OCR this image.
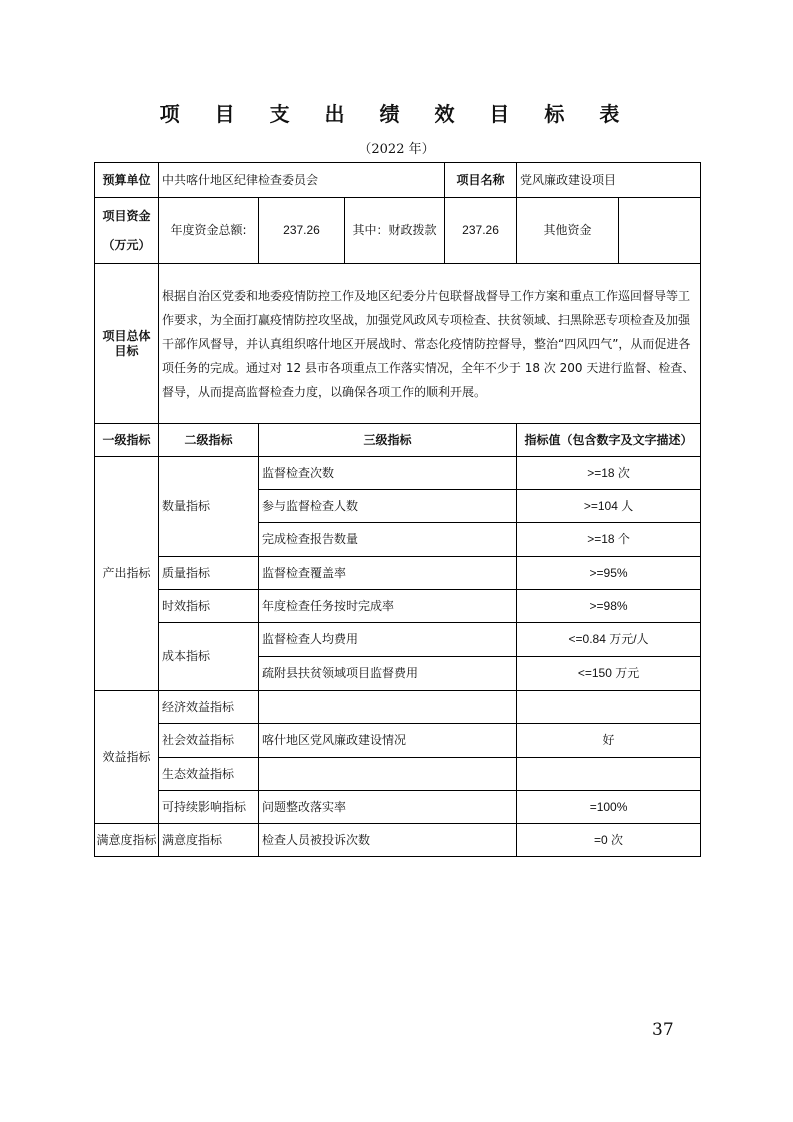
项 目 支 出 绩 效 目 标 表
（2022 年）
预算单位	中共喀什地区纪律检查委员会			项目名称	党风廉政建设项目	

项目资金
（万元）	年度资金总额:	237.26	其中：财政拨款	237.26	其他资金	
项目总体目标	根据自治区党委和地委疫情防控工作及地区纪委分片包联督战督导工作方案和重点工作巡回督导等工作要求，为全面打赢疫情防控攻坚战，加强党风政风专项检查、扶贫领域、扫黑除恶专项检查及加强干部作风督导，并认真组织喀什地区开展战时、常态化疫情防控督导，整治“四风四气”，从而促进各项任务的完成。通过对 12 县市各项重点工作落实情况，全年不少于 18 次 200 天进行监督、检查、督导，从而提高监督检查力度，以确保各项工作的顺利开展。					
一级指标	二级指标	三级指标			指标值（包含数字及文字描述）	
产出指标	数量指标	监督检查次数			>=18 次	
		参与监督检查人数			>=104 人	
		完成检查报告数量			>=18 个	
	质量指标	监督检查覆盖率			>=95%	
	时效指标	年度检查任务按时完成率			>=98%	
	成本指标	监督检查人均费用			<=0.84 万元/人	
		疏附县扶贫领域项目监督费用			<=150 万元	
效益指标	经济效益指标					
	社会效益指标	喀什地区党风廉政建设情况			好	
	生态效益指标					
	可持续影响指标	问题整改落实率			=100%	
满意度指标	满意度指标	检查人员被投诉次数			=0 次	
37
